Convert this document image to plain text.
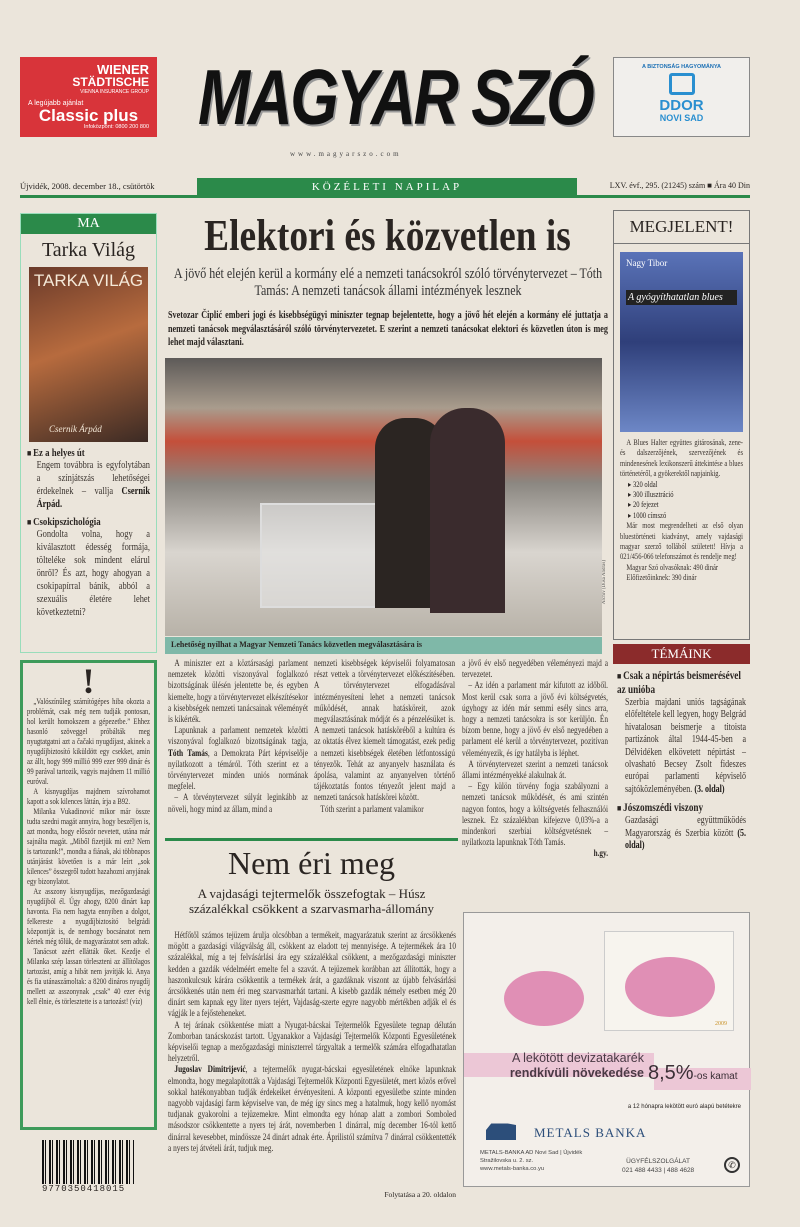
WIENER
STÄDTISCHE
VIENNA INSURANCE GROUP
A legújabb ajánlat
Classic plus
Infoközpont: 0800 200 800 MAGYAR SZÓ
www.magyarszo.com
A BIZTONSÁG HAGYOMÁNYA
DDOR
NOVI SAD
Újvidék, 2008. december 18., csütörtök	KÖZÉLETI NAPILAP	LXV. évf., 295. (21245) szám ■ Ára 40 Din
MA
Tarka Világ
TARKA VILÁG
Csernik Árpád
■ Ez a helyes út
Engem továbbra is egyfolytában a színjátszás lehetőségei érdekelnek – vallja Csernik Árpád.
■ Csokipszichológia
Gondolta volna, hogy a kiválasztott édesség formája, tölteléke sok mindent elárul önről? És azt, hogy ahogyan a csokipapírral bánik, abból a szexuális életére lehet következtetni?
!
„Valószínűleg számítógépes hiba okozta a problémát, csak még nem tudják pontosan, hol került homokszem a gépezetbe.” Ehhez hasonló szöveggel próbálták meg nyugtatgatni azt a čačaki nyugdíjast, akinek a nyugdíjbiztosító kiküldött egy csekket, amin az állt, hogy 999 millió 999 ezer 999 dinár és 99 parával tartozik, vagyis majdnem 11 millió euróval.
A kisnyugdíjas majdnem szívrohamot kapott a sok kilences láttán, írja a B92.
Milanka Vukadinović mikor már össze tudta szedni magát annyira, hogy beszéljen is, azt mondta, hogy először nevetett, utána már sajnálta magát. „Miből fizetjük mi ezt? Nem is tartozunk!”, mondta a fiának, aki többnapos utánjárást követően is a már leírt „sok kilences” összegről tudott hazahozni anyjának egy bizonylatot.
Az asszony kisnyugdíjas, mezőgazdasági nyugdíjból él. Úgy ahogy, 8200 dinárt kap havonta. Fia nem hagyta ennyiben a dolgot, felkereste a nyugdíjbiztosító belgrádi központját is, de nemhogy bocsánatot nem kértek még tőlük, de magyarázatot sem adtak.
Tanácsot azért ellátták őket. Kezdje el Milanka szép lassan törleszteni az állítólagos tartozást, amíg a hibát nem javítják ki. Anya és fia utánaszámoltak: a 8200 dináros nyugdíj mellett az asszonynak „csak” 40 ezer évig kell élnie, és törlesztette is a tartozást! (víz)
9770350418015
Elektori és közvetlen is
A jövő hét elején kerül a kormány elé a nemzeti tanácsokról szóló törvénytervezet – Tóth Tamás: A nemzeti tanácsok állami intézmények lesznek
Svetozar Čiplić emberi jogi és kisebbségügyi miniszter tegnap bejelentette, hogy a jövő hét elején a kormány elé juttatja a nemzeti tanácsok megválasztásáról szóló törvénytervezetet. E szerint a nemzeti tanácsokat elektori és közvetlen úton is meg lehet majd választani.
Archív (Dusa András)
Lehetőség nyílhat a Magyar Nemzeti Tanács közvetlen megválasztására is

A miniszter ezt a köztársasági parlament nemzetek közötti viszonyával foglalkozó bizottságának ülésén jelentette be, és egyben kiemelte, hogy a törvénytervezet elkészítésekor a kisebbségek nemzeti tanácsainak véleményét is kikérték.

Lapunknak a parlament nemzetek közötti viszonyával foglalkozó bizottságának tagja, Tóth Tamás, a Demokrata Párt képviselője nyilatkozott a témáról. Tóth szerint ez a törvénytervezet minden uniós normának megfelel.

– A törvénytervezet súlyát leginkább az növeli, hogy mind az állam, mind a

nemzeti kisebbségek képviselői folyamatosan részt vettek a törvénytervezet előkészítésében. A törvénytervezet elfogadásával intézményesíteni lehet a nemzeti tanácsok működését, annak hatásköreit, azok megválasztásának módját és a pénzelésüket is. A nemzeti tanácsok hatásköréből a kultúra és az oktatás élvez kiemelt támogatást, ezek pedig a nemzeti kisebbségek életében létfontosságú tényezők. Tehát az anyanyelv használata és ápolása, valamint az anyanyelven történő tájékoztatás fontos tényezőt jelent majd a nemzeti tanácsok hatáskörei között.

Tóth szerint a parlament valamikor

a jövő év első negyedében véleményezi majd a tervezetet.

– Az idén a parlament már kifutott az időből. Most kerül csak sorra a jövő évi költségvetés, úgyhogy az idén már semmi esély sincs arra, hogy a nemzeti tanácsokra is sor kerüljön. Én bízom benne, hogy a jövő év első negyedében a parlament elé kerül a törvénytervezet, pozitívan véleményezik, és így hatályba is léphet.

A törvénytervezet szerint a nemzeti tanácsok állami intézményekké alakulnak át.

– Egy külön törvény fogja szabályozni a nemzeti tanácsok működését, és ami szintén nagyon fontos, hogy a költségvetés felhasználói lesznek. Ez százalékban kifejezve 0,03%-a a mindenkori szerbiai költségvetésnek – nyilatkozta lapunknak Tóth Tamás.

h.gy.
Nem éri meg
A vajdasági tejtermelők összefogtak – Húsz százalékkal csökkent a szarvasmarha-állomány

Hétfőtől számos tejüzem árulja olcsóbban a termékeit, magyarázatuk szerint az árcsökkenés mögött a gazdasági világválság áll, csökkent az eladott tej mennyisége. A tejtermékek ára 10 százalékkal, míg a tej felvásárlási ára egy százalékkal csökkent, a mezőgazdasági miniszter kedden a gazdák védelméért emelte fel a szavát. A tejüzemek korábban azt állították, hogy a haszonkulcsuk kárára csökkentik a termékek árát, a gazdáknak viszont az újabb felvásárlási árcsökkenés után nem éri meg szarvasmarhát tartani. A kisebb gazdák némely esetben még 20 dinárt sem kapnak egy liter nyers tejért, Vajdaság-szerte egyre nagyobb mértékben adják el és vágják le a fejősteheneket.

A tej árának csökkentése miatt a Nyugat-bácskai Tejtermelők Egyesülete tegnap délután Zomborban tanácskozást tartott. Ugyanakkor a Vajdasági Tejtermelők Központi Egyesületének képviselői tegnap a mezőgazdasági miniszterrel tárgyaltak a termelők számára elfogadhatatlan helyzetről.

Jugoslav Dimitrijević, a tejtermelők nyugat-bácskai egyesületének elnöke lapunknak elmondta, hogy megalapították a Vajdasági Tejtermelők Központi Egyesületét, mert közös erővel sokkal hatékonyabban tudják érdekeiket érvényesíteni. A központi egyesületbe szinte minden nagyobb vajdasági farm képviselve van, de még így sincs meg a hatalmuk, hogy kellő nyomást tudjanak gyakorolni a tejüzemekre. Mint elmondta egy hónap alatt a zombori Somboled másodszor csökkentette a nyers tej árát, novemberben 1 dinárral, míg december 16-tól kettő dinárral kevesebbet, mindössze 24 dinárt adnak érte. Áprilistól számítva 7 dinárral csökkentették a nyers tej átvételi árát, tudjuk meg.

Folytatása a 20. oldalon
MEGJELENT!
Nagy Tibor
A gyógyíthatatlan blues
A Blues Halter együttes gitárosának, zene- és dalszerzőjének, szervezőjének és mindenesének lexikonszerű áttekintése a blues történetéről, a gyökerektől napjainkig.
▸ 320 oldal
▸ 300 illusztráció
▸ 20 fejezet
▸ 1000 címszó
Már most megrendelheti az első olyan bluestörténeti kiadványt, amely vajdasági magyar szerző tollából született! Hívja a 021/456-066 telefonszámot és rendelje meg!
Magyar Szó olvasóknak: 490 dinár
Előfizetőinknek: 390 dinár
TÉMÁINK
■ Csak a népirtás beismerésével az unióba
Szerbia majdani uniós tagságának előfeltétele kell legyen, hogy Belgrád hivatalosan beismerje a titoista partizánok által 1944-45-ben a Délvidéken elkövetett népirtást – olvasható Becsey Zsolt fideszes európai parlamenti képviselő sajtóközleményében. (3. oldal)
■ Jószomszédi viszony
Gazdasági együttműködés Magyarország és Szerbia között (5. oldal)
2009
A lekötött devizatakarék
rendkívüli növekedése 8,5%-os kamat
a 12 hónapra lekötött euró alapú betétekre
METALS BANKA
METALS-BANKA AD Novi Sad | Újvidék
Stražilovska u. 2. sz.
www.metals-banka.co.yu
ÜGYFÉLSZOLGÁLAT
021 488 4433 | 488 4628
✆
